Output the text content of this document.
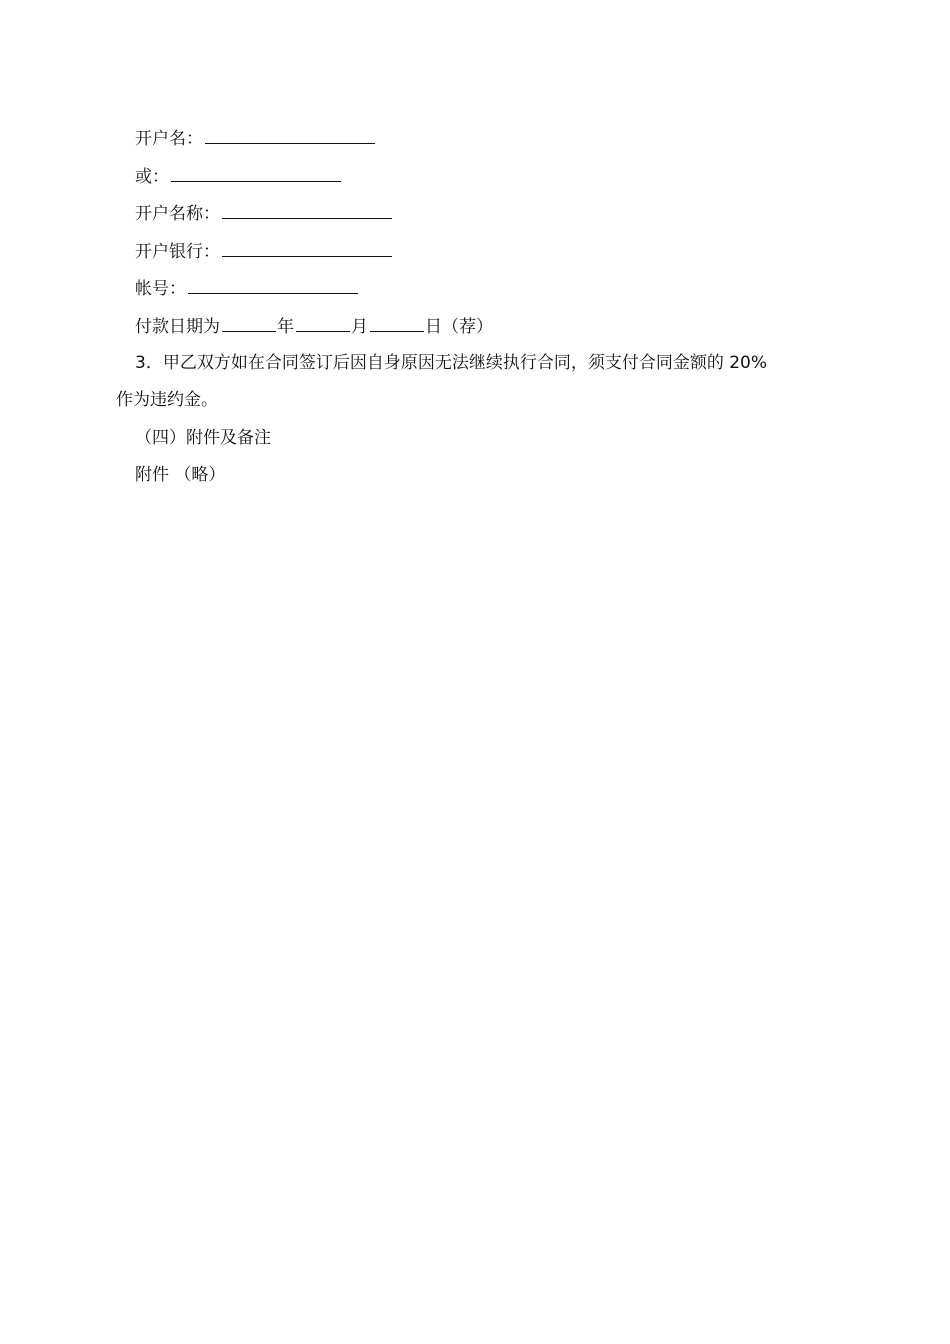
开户名：
或：
开户名称：
开户银行：
帐号：
付款日期为	年	月	日（荐）
3．甲乙双方如在合同签订后因自身原因无法继续执行合同，须支付合同金额的 20%
作为违约金。
（四）附件及备注
附件 （略）
